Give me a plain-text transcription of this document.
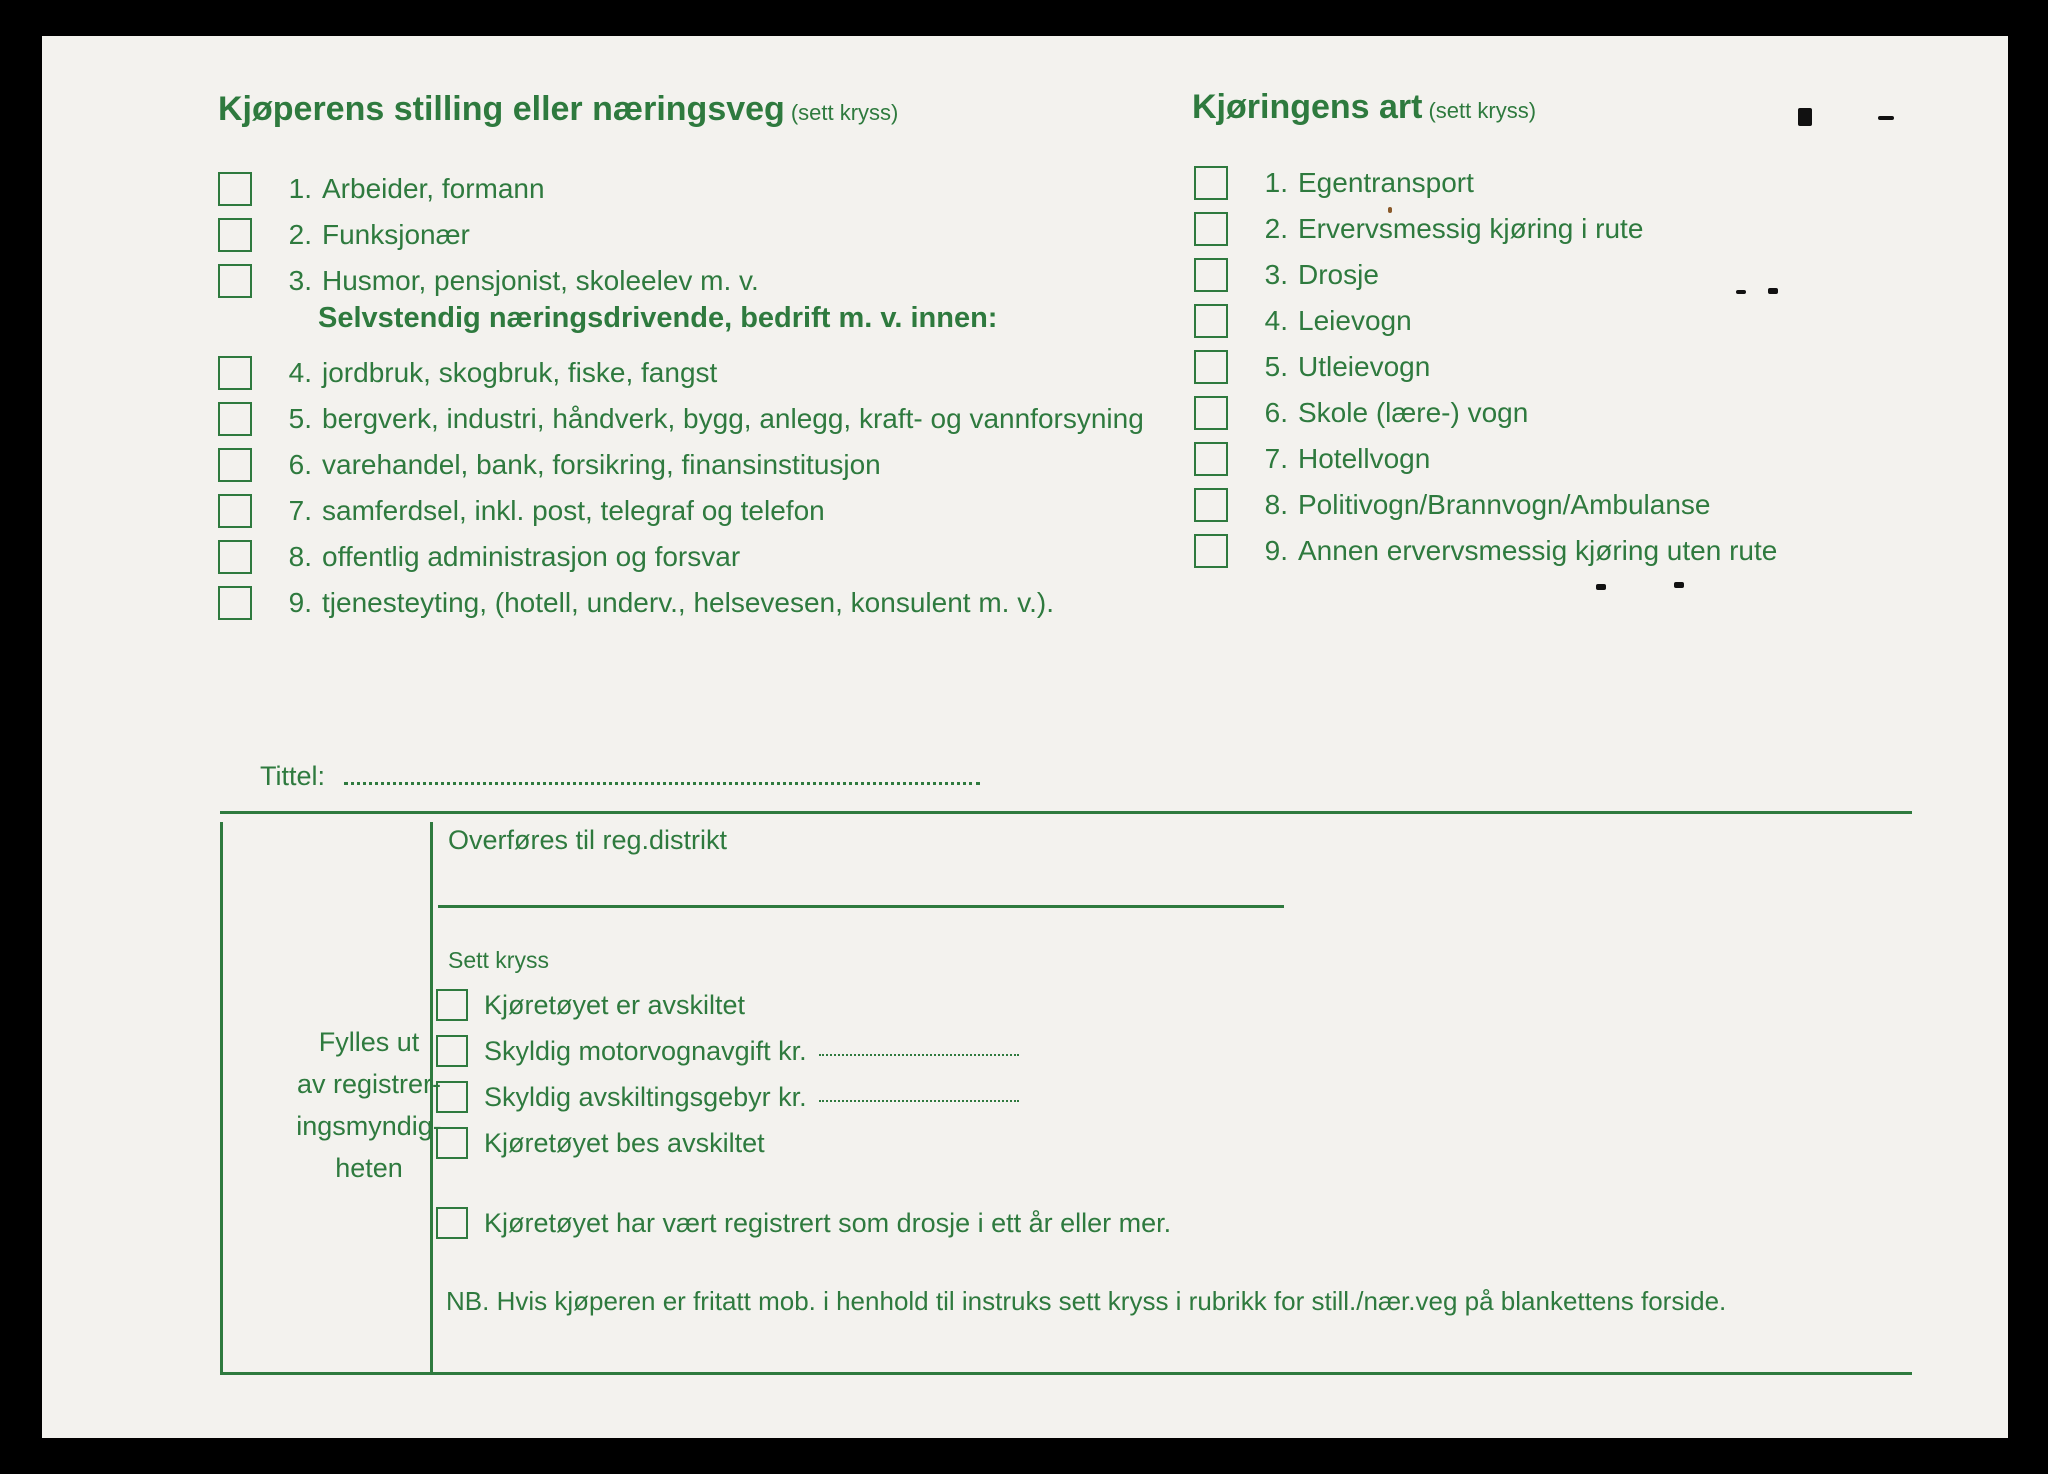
Kjøperens stilling eller næringsveg (sett kryss)	Kjøringens art (sett kryss)
1. Arbeider, formann
2. Funksjonær
3. Husmor, pensjonist, skoleelev m. v.
Selvstendig næringsdrivende, bedrift m. v. innen:
4. jordbruk, skogbruk, fiske, fangst
5. bergverk, industri, håndverk, bygg, anlegg, kraft- og vannforsyning
6. varehandel, bank, forsikring, finansinstitusjon
7. samferdsel, inkl. post, telegraf og telefon
8. offentlig administrasjon og forsvar
9. tjenesteyting, (hotell, underv., helsevesen, konsulent m. v.).
1. Egentransport
2. Ervervsmessig kjøring i rute
3. Drosje
4. Leievogn
5. Utleievogn
6. Skole (lære-) vogn
7. Hotellvogn
8. Politivogn/Brannvogn/Ambulanse
9. Annen ervervsmessig kjøring uten rute
Tittel:
Fylles ut
av registrer-
ingsmyndig-
heten
Overføres til reg.distrikt
Sett kryss
Kjøretøyet er avskiltet
Skyldig motorvognavgift kr.
Skyldig avskiltingsgebyr kr.
Kjøretøyet bes avskiltet
Kjøretøyet har vært registrert som drosje i ett år eller mer.
NB. Hvis kjøperen er fritatt mob. i henhold til instruks sett kryss i rubrikk for still./nær.veg på blankettens forside.
